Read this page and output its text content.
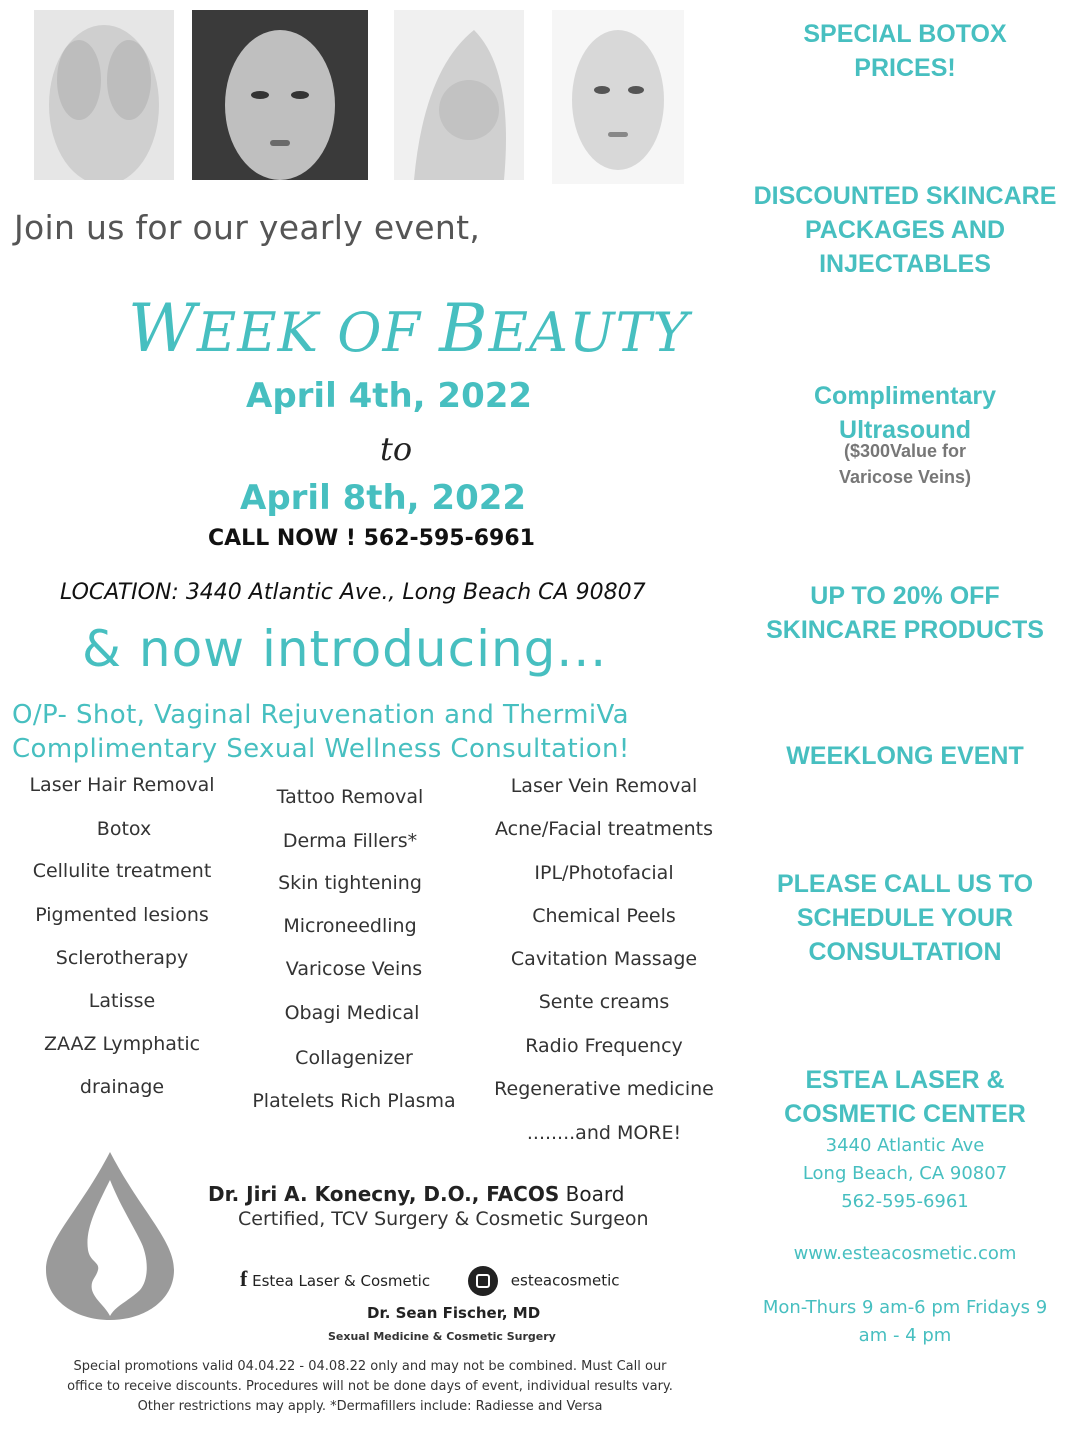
Join us for our yearly event,
WEEK OF BEAUTY
April 4th, 2022
to
April 8th, 2022
CALL NOW ! 562-595-6961
LOCATION: 3440 Atlantic Ave., Long Beach CA 90807
& now introducing...
O/P- Shot, Vaginal Rejuvenation and ThermiVa
Complimentary Sexual Wellness Consultation!
Laser Hair Removal
Botox
Cellulite treatment
Pigmented lesions
Sclerotherapy
Latisse
ZAAZ Lymphatic
drainage
Tattoo Removal
Derma Fillers*
Skin tightening
Microneedling
Varicose Veins
Obagi Medical
Collagenizer
Platelets Rich Plasma
Laser Vein Removal
Acne/Facial treatments
IPL/Photofacial
Chemical Peels
Cavitation Massage
Sente creams
Radio Frequency
Regenerative medicine
........and MORE!
Dr. Jiri A. Konecny, D.O., FACOS Board
Certified, TCV Surgery & Cosmetic Surgeon
f Estea Laser & Cosmetic	esteacosmetic
Dr. Sean Fischer, MD
Sexual Medicine & Cosmetic Surgery
Special promotions valid 04.04.22 - 04.08.22 only and may not be combined. Must Call our
office to receive discounts. Procedures will not be done days of event, individual results vary.
Other restrictions may apply. *Dermafillers include: Radiesse and Versa
SPECIAL BOTOX PRICES!
DISCOUNTED SKINCARE PACKAGES AND INJECTABLES
Complimentary Ultrasound
($300Value for Varicose Veins)
UP TO 20% OFF SKINCARE PRODUCTS
WEEKLONG EVENT
PLEASE CALL US TO SCHEDULE YOUR CONSULTATION
ESTEA LASER & COSMETIC CENTER
3440 Atlantic Ave
Long Beach, CA 90807
562-595-6961
www.esteacosmetic.com
Mon-Thurs 9 am-6 pm Fridays 9 am - 4 pm
